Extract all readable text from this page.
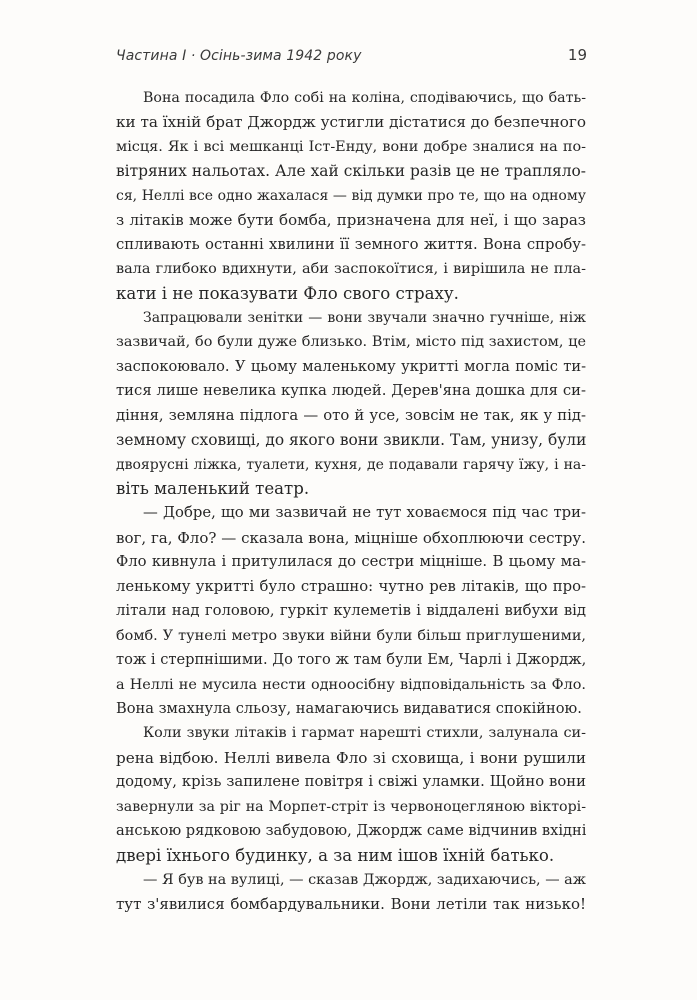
Частина I · Осінь-зима 1942 року	19
Вона посадила Фло собі на коліна, сподіваючись, що бать-
ки та їхній брат Джордж устигли дістатися до безпечного
місця. Як і всі мешканці Іст-Енду, вони добре зналися на по-
вітряних нальотах. Але хай скільки разів це не трапляло-
ся, Неллі все одно жахалася — від думки про те, що на одному
з літаків може бути бомба, призначена для неї, і що зараз
спливають останні хвилини її земного життя. Вона спробу-
вала глибоко вдихнути, аби заспокоїтися, і вирішила не пла-
кати і не показувати Фло свого страху.
Запрацювали зенітки — вони звучали значно гучніше, ніж
зазвичай, бо були дуже близько. Втім, місто під захистом, це
заспокоювало. У цьому маленькому укритті могла поміс ти-
тися лише невелика купка людей. Дерев'яна дошка для си-
діння, земляна підлога — ото й усе, зовсім не так, як у під-
земному сховищі, до якого вони звикли. Там, унизу, були
двоярусні ліжка, туалети, кухня, де подавали гарячу їжу, і на-
віть маленький театр.
— Добре, що ми зазвичай не тут ховаємося під час три-
вог, га, Фло? — сказала вона, міцніше обхоплюючи сестру.
Фло кивнула і притулилася до сестри міцніше. В цьому ма-
ленькому укритті було страшно: чутно рев літаків, що про-
літали над головою, гуркіт кулеметів і віддалені вибухи від
бомб. У тунелі метро звуки війни були більш приглушеними,
тож і стерпнішими. До того ж там були Ем, Чарлі і Джордж,
а Неллі не мусила нести одноосібну відповідальність за Фло.
Вона змахнула сльозу, намагаючись видаватися спокійною.
Коли звуки літаків і гармат нарешті стихли, залунала си-
рена відбою. Неллі вивела Фло зі сховища, і вони рушили
додому, крізь запилене повітря і свіжі уламки. Щойно вони
завернули за ріг на Морпет-стріт із червоноцегляною вікторі-
анською рядковою забудовою, Джордж саме відчинив вхідні
двері їхнього будинку, а за ним ішов їхній батько.
— Я був на вулиці, — сказав Джордж, задихаючись, — аж
тут з'явилися бомбардувальники. Вони летіли так низько!
